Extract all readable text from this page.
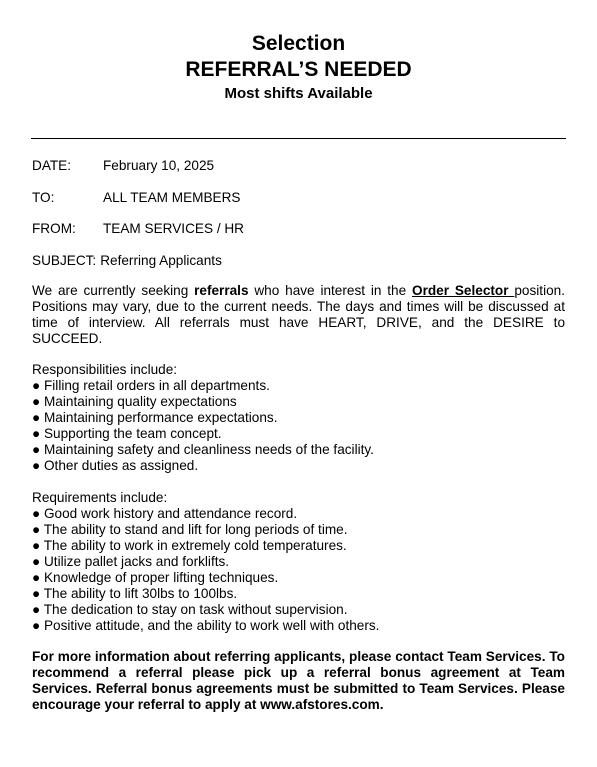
Selection
REFERRAL’S NEEDED
Most shifts Available
DATE: February 10, 2025
TO:	ALL TEAM MEMBERS
FROM: TEAM SERVICES / HR
SUBJECT: Referring Applicants
We are currently seeking referrals who have interest in the Order Selector position. Positions may vary, due to the current needs. The days and times will be discussed at time of interview. All referrals must have HEART, DRIVE, and the DESIRE to SUCCEED.
Responsibilities include:
● Filling retail orders in all departments.
● Maintaining quality expectations
● Maintaining performance expectations.
● Supporting the team concept.
● Maintaining safety and cleanliness needs of the facility.
● Other duties as assigned.
Requirements include:
● Good work history and attendance record.
● The ability to stand and lift for long periods of time.
● The ability to work in extremely cold temperatures.
● Utilize pallet jacks and forklifts.
● Knowledge of proper lifting techniques.
● The ability to lift 30lbs to 100lbs.
● The dedication to stay on task without supervision.
● Positive attitude, and the ability to work well with others.
For more information about referring applicants, please contact Team Services. To recommend a referral please pick up a referral bonus agreement at Team Services. Referral bonus agreements must be submitted to Team Services. Please encourage your referral to apply at www.afstores.com.
